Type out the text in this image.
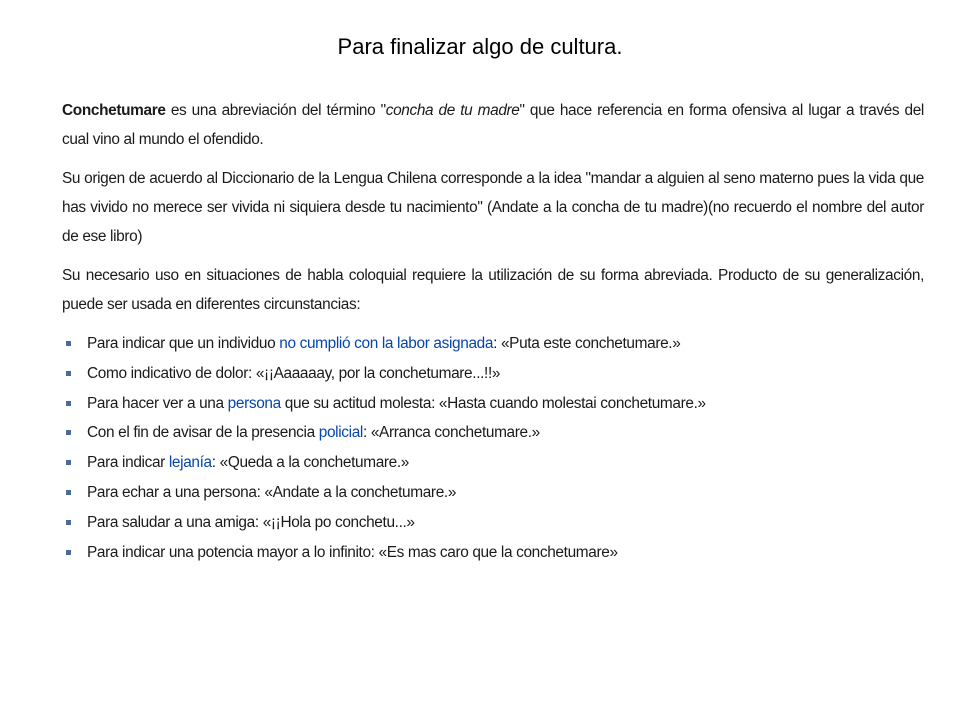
Para finalizar algo de cultura.

Conchetumare es una abreviación del término "concha de tu madre" que hace referencia en forma ofensiva al lugar a través del cual vino al mundo el ofendido.

Su origen de acuerdo al Diccionario de la Lengua Chilena corresponde a la idea "mandar a alguien al seno materno pues la vida que has vivido no merece ser vivida ni siquiera desde tu nacimiento" (Andate a la concha de tu madre)(no recuerdo el nombre del autor de ese libro)

Su necesario uso en situaciones de habla coloquial requiere la utilización de su forma abreviada. Producto de su generalización, puede ser usada en diferentes circunstancias:

Para indicar que un individuo no cumplió con la labor asignada: «Puta este conchetumare.»
Como indicativo de dolor: «¡¡Aaaaaay, por la conchetumare...!!»
Para hacer ver a una persona que su actitud molesta: «Hasta cuando molestai conchetumare.»
Con el fin de avisar de la presencia policial: «Arranca conchetumare.»
Para indicar lejanía: «Queda a la conchetumare.»
Para echar a una persona: «Andate a la conchetumare.»
Para saludar a una amiga: «¡¡Hola po conchetu...»
Para indicar una potencia mayor a lo infinito: «Es mas caro que la conchetumare»
